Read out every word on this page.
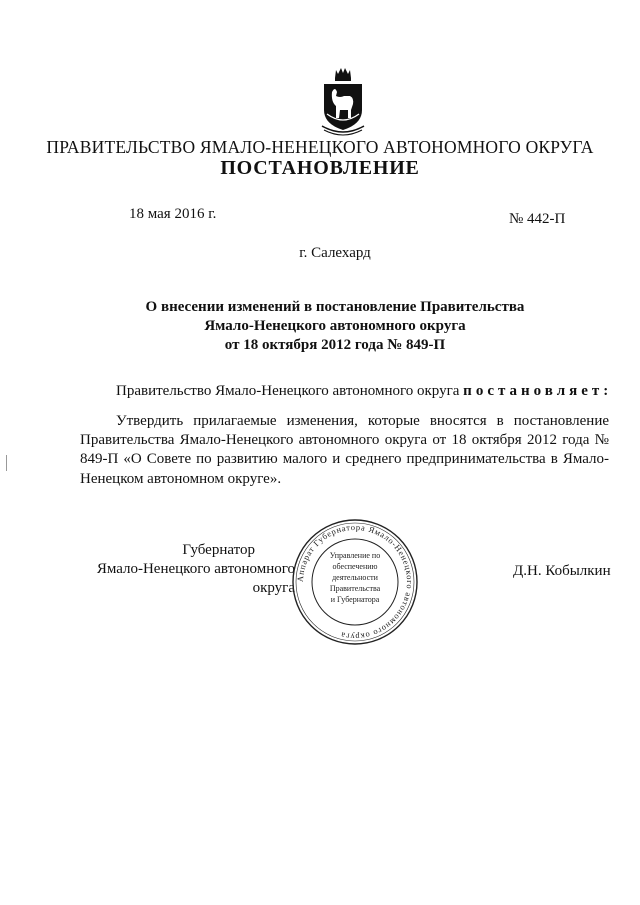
ПРАВИТЕЛЬСТВО ЯМАЛО-НЕНЕЦКОГО АВТОНОМНОГО ОКРУГА
ПОСТАНОВЛЕНИЕ
18 мая 2016 г.	№ 442-П
г. Салехард
О внесении изменений в постановление Правительства
Ямало-Ненецкого автономного округа
от 18 октября 2012 года № 849-П
Правительство Ямало-Ненецкого автономного округа постановляет:
Утвердить прилагаемые изменения, которые вносятся в постановление Правительства Ямало-Ненецкого автономного округа от 18 октября 2012 года № 849-П «О Совете по развитию малого и среднего предпринимательства в Ямало-Ненецком автономном округе».
Губернатор
Ямало-Ненецкого автономного округа
Аппарат Губернатора Ямало-Ненецкого автономного округа
Управление по
обеспечению
деятельности
Правительства
и Губернатора
Д.Н. Кобылкин
